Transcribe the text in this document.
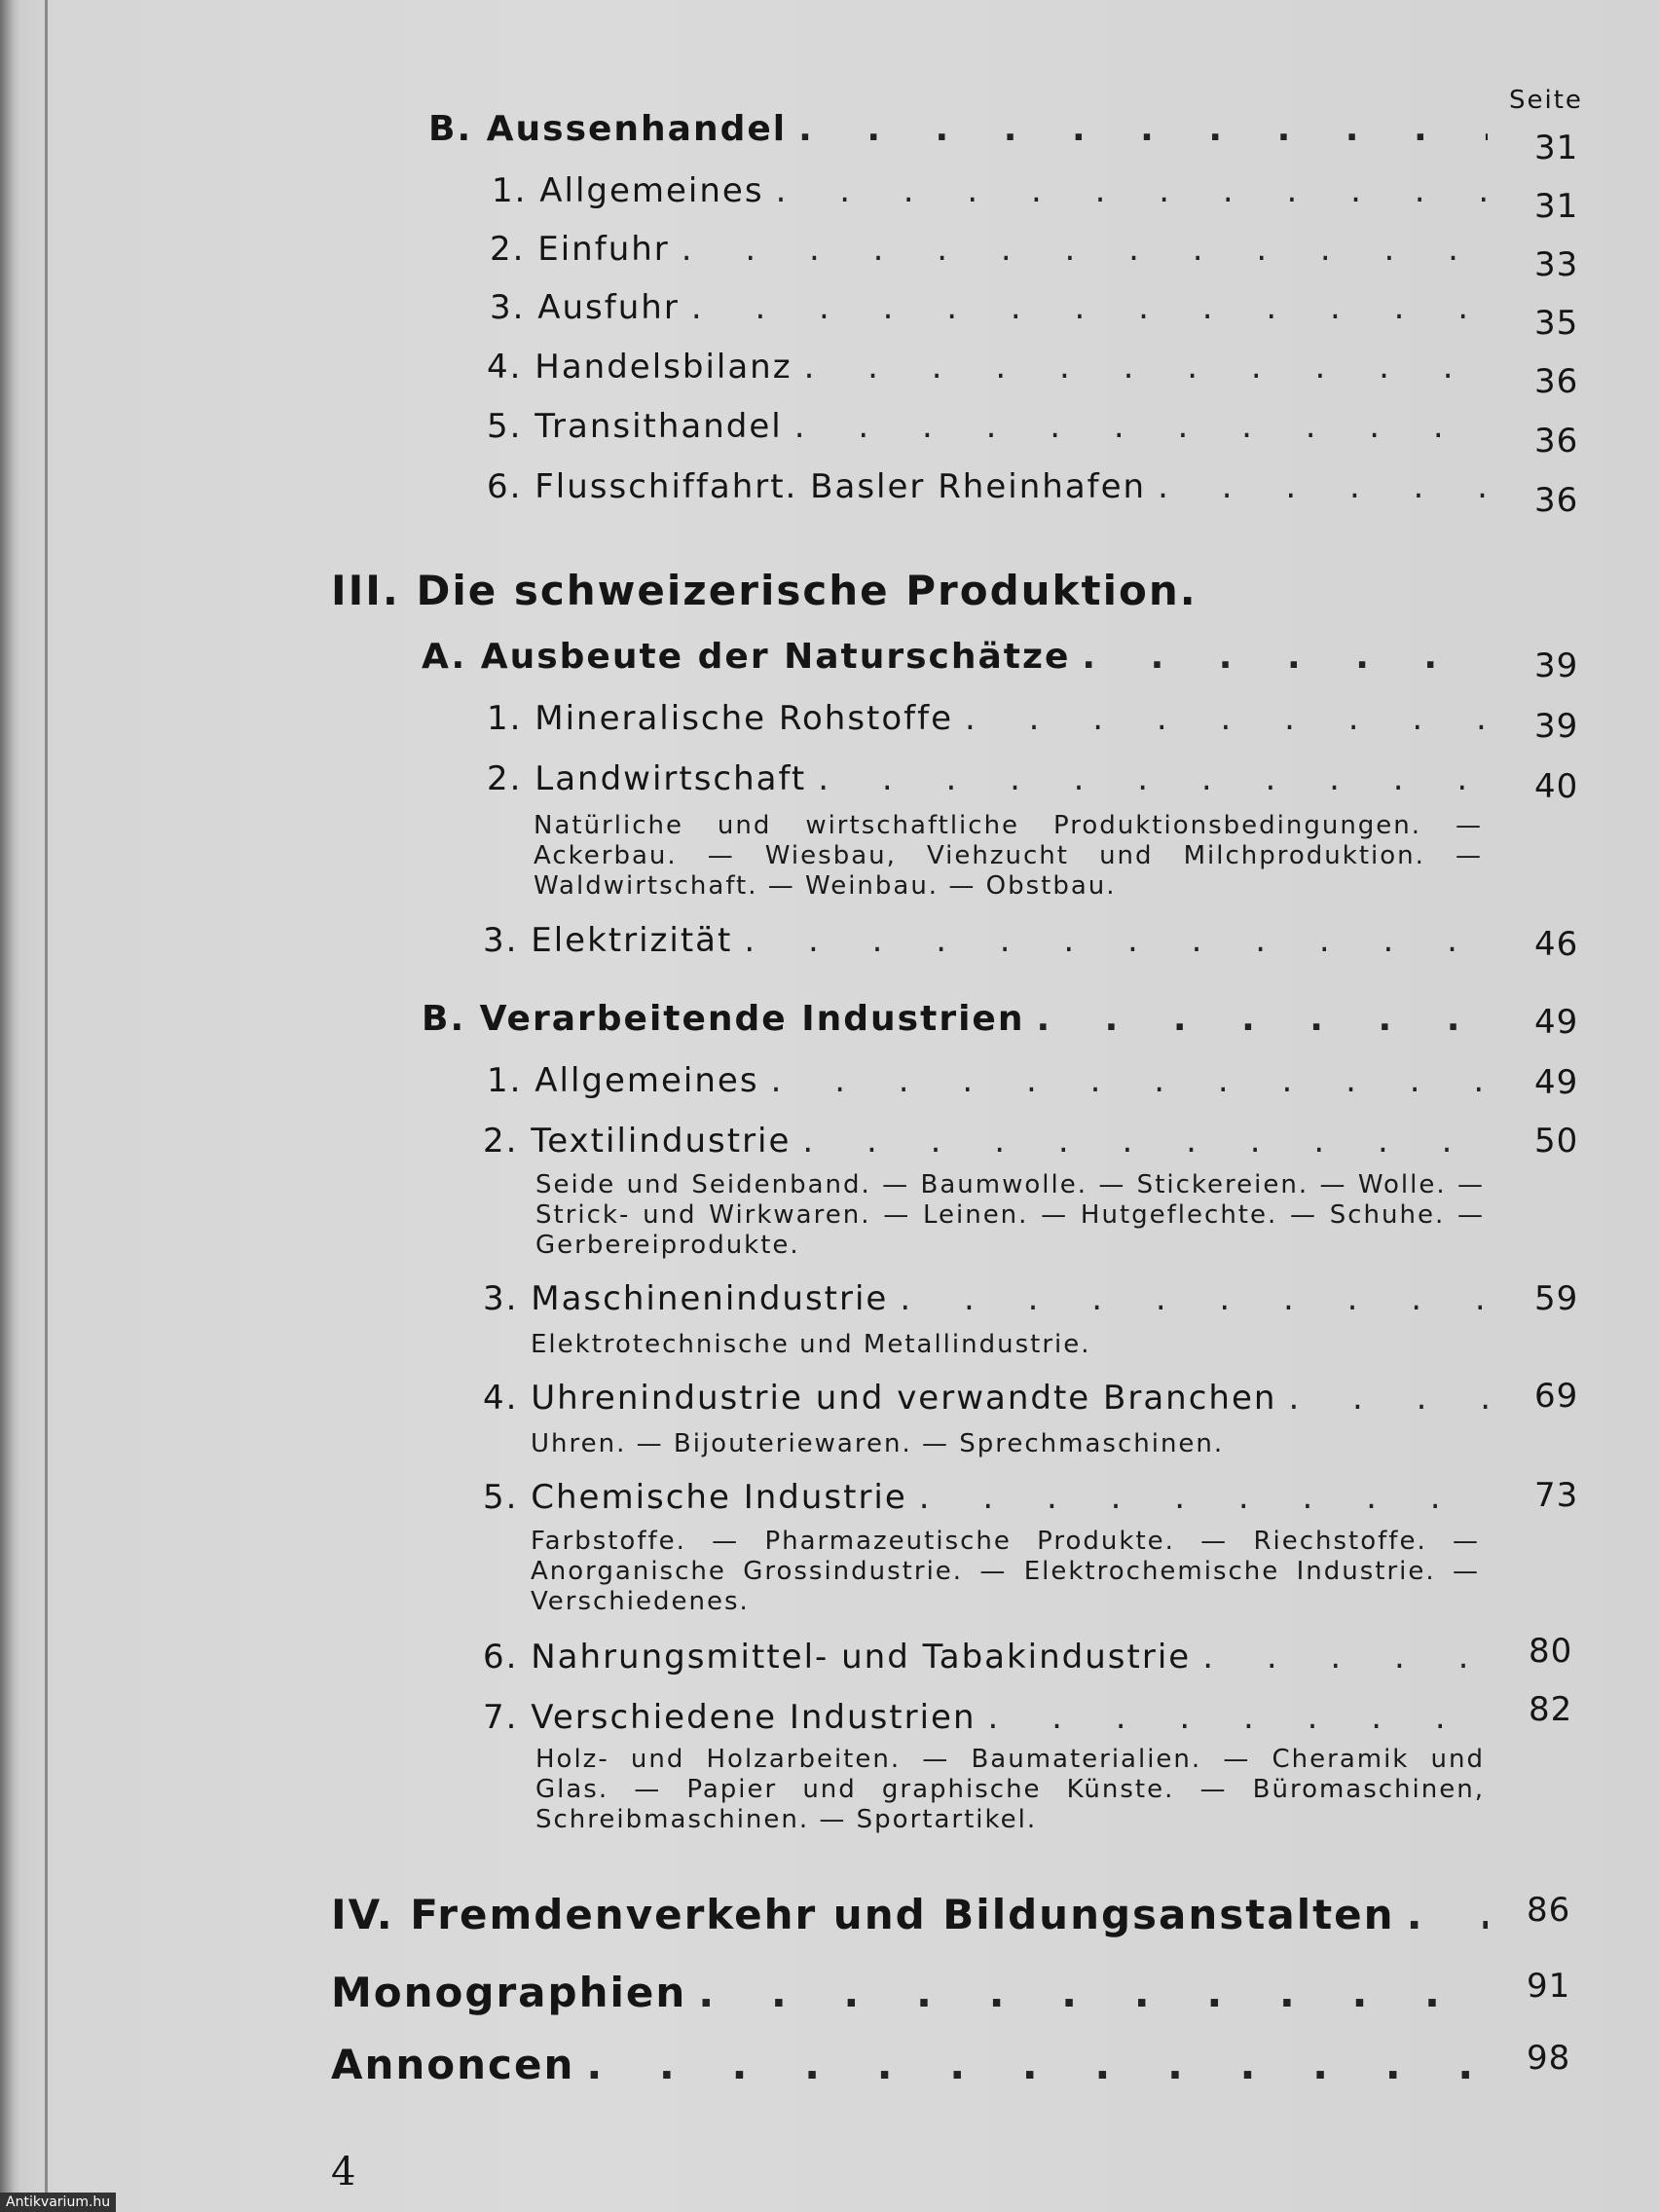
Seite
B. Aussenhandel . . .	31
1. Allgemeines . . .	31
2. Einfuhr . . .	33
3. Ausfuhr . . .	35
4. Handelsbilanz . . .	36
5. Transithandel . . .	36
6. Flusschiffahrt. Basler Rheinhafen . . .	36
III. Die schweizerische Produktion.
A. Ausbeute der Naturschätze . . .	39
1. Mineralische Rohstoffe . . .	39
2. Landwirtschaft . . .	40
Natürliche und wirtschaftliche Produktionsbedingungen. — Ackerbau. — Wiesbau, Viehzucht und Milchproduktion. — Waldwirtschaft. — Weinbau. — Obstbau.
3. Elektrizität . . .	46
B. Verarbeitende Industrien . . .	49
1. Allgemeines . . .	49
2. Textilindustrie . . .	50
Seide und Seidenband. — Baumwolle. — Stickereien. — Wolle. — Strick- und Wirkwaren. — Leinen. — Hutgeflechte. — Schuhe. — Gerbereiprodukte.
3. Maschinenindustrie . . .	59
Elektrotechnische und Metallindustrie.
4. Uhrenindustrie und verwandte Branchen . . .	69
Uhren. — Bijouteriewaren. — Sprechmaschinen.
5. Chemische Industrie . . .	73
Farbstoffe. — Pharmazeutische Produkte. — Riechstoffe. — Anorganische Grossindustrie. — Elektrochemische Industrie. — Verschiedenes.
6. Nahrungsmittel- und Tabakindustrie . . .	80
7. Verschiedene Industrien . . .	82
Holz- und Holzarbeiten. — Baumaterialien. — Cheramik und Glas. — Papier und graphische Künste. — Büromaschinen, Schreibmaschinen. — Sportartikel.
IV. Fremdenverkehr und Bildungsanstalten . . .	86
Monographien . . .	91
Annoncen . . .	98
4
Antikvarium.hu
